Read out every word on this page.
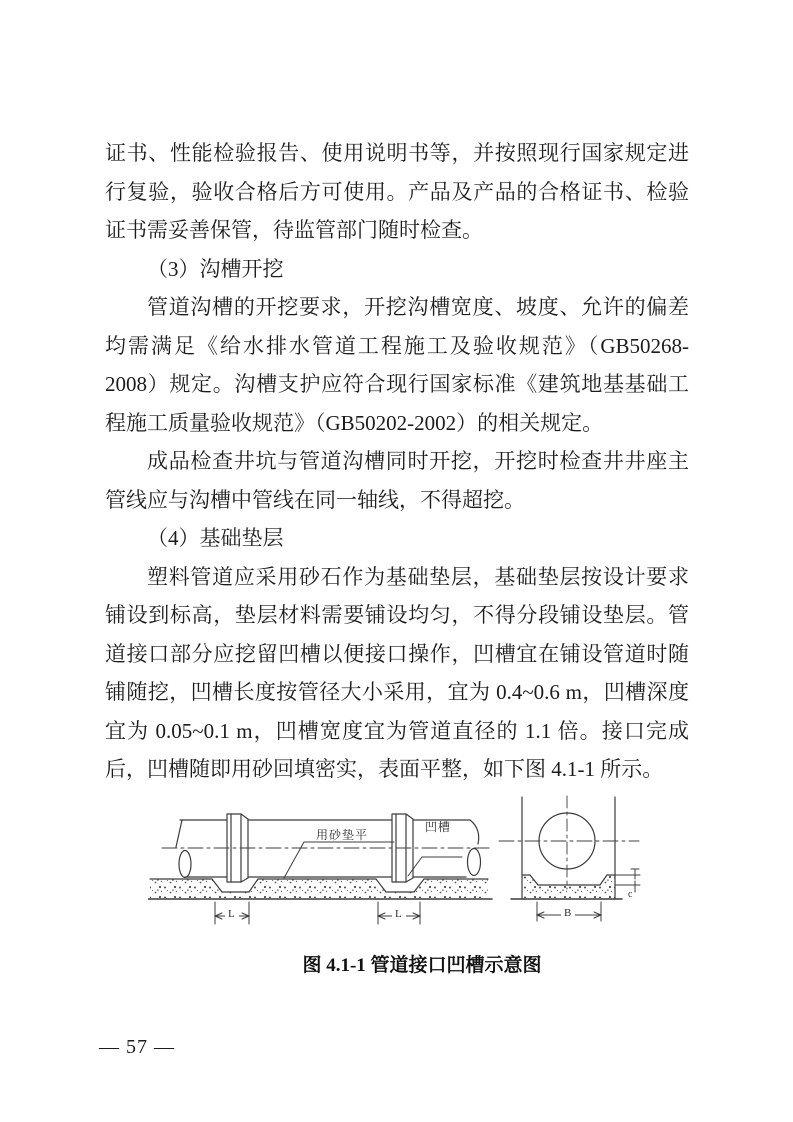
证书、性能检验报告、使用说明书等，并按照现行国家规定进行复验，验收合格后方可使用。产品及产品的合格证书、检验证书需妥善保管，待监管部门随时检查。

（3）沟槽开挖

管道沟槽的开挖要求，开挖沟槽宽度、坡度、允许的偏差均需满足《给水排水管道工程施工及验收规范》（GB50268-2008）规定。沟槽支护应符合现行国家标准《建筑地基基础工程施工质量验收规范》（GB50202-2002）的相关规定。

成品检查井坑与管道沟槽同时开挖，开挖时检查井井座主管线应与沟槽中管线在同一轴线，不得超挖。

（4）基础垫层

塑料管道应采用砂石作为基础垫层，基础垫层按设计要求铺设到标高，垫层材料需要铺设均匀，不得分段铺设垫层。管道接口部分应挖留凹槽以便接口操作，凹槽宜在铺设管道时随铺随挖，凹槽长度按管径大小采用，宜为 0.4~0.6 m，凹槽深度宜为 0.05~0.1 m，凹槽宽度宜为管道直径的 1.1 倍。接口完成后，凹槽随即用砂回填密实，表面平整，如下图 4.1-1 所示。

用砂垫平
凹槽
L	L	B
c
图 4.1-1 管道接口凹槽示意图
— 57 —
